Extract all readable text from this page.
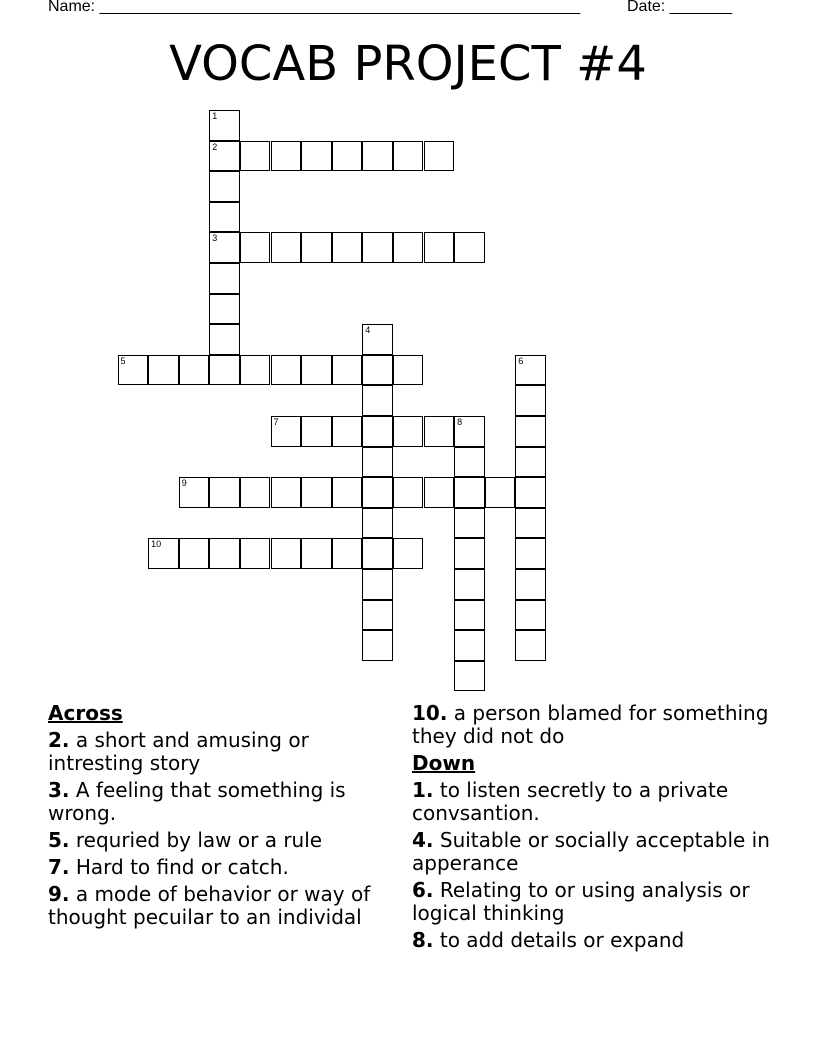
Name: ______________________________________________________	Date: _______
VOCAB PROJECT #4
1
2
3
4
5	6
7	8
9
10
Across
2. a short and amusing or intresting story
3. A feeling that something is wrong.
5. requried by law or a rule
7. Hard to find or catch.
9. a mode of behavior or way of thought pecuilar to an individal
10. a person blamed for something they did not do
Down
1. to listen secretly to a private convsantion.
4. Suitable or socially acceptable in apperance
6. Relating to or using analysis or logical thinking
8. to add details or expand
